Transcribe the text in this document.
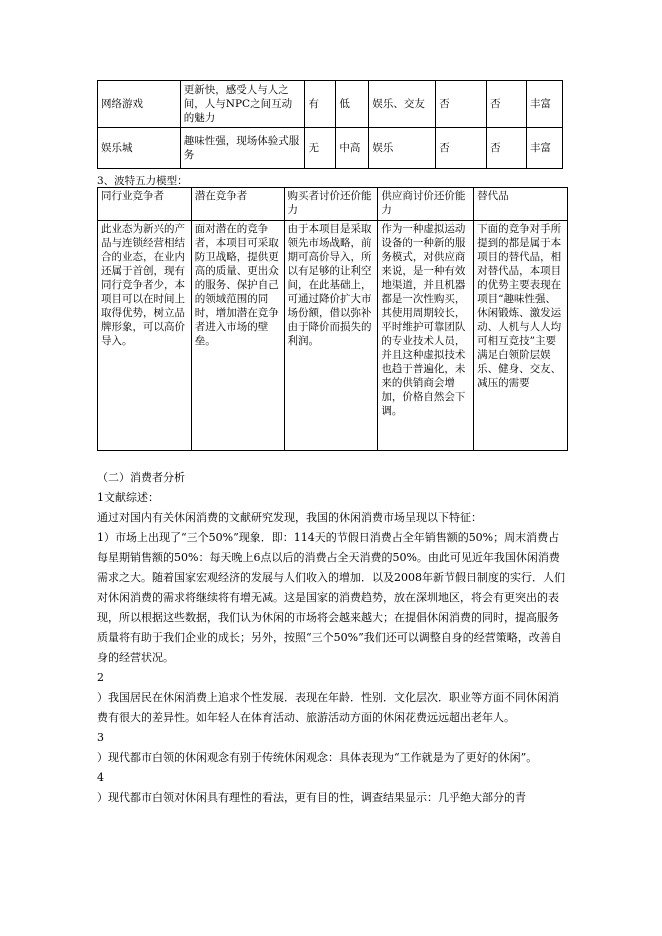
网络游戏	更新快，感受人与人之间，人与NPC之间互动的魅力	有	低	娱乐、交友	否	否	丰富
娱乐城	趣味性强，现场体验式服务	无	中高	娱乐	否	否	丰富
3、波特五力模型：
同行业竞争者	潜在竞争者	购买者讨价还价能力	供应商讨价还价能力	替代品
此业态为新兴的产品与连锁经营相结合的业态，在业内还属于首创，现有同行竞争者少，本项目可以在时间上取得优势，树立品牌形象，可以高价导入。	面对潜在的竞争者，本项目可采取防卫战略，提供更高的质量、更出众的服务、保护自己的领域范围的同时，增加潜在竞争者进入市场的壁垒。	由于本项目是采取领先市场战略，前期可高价导入，所以有足够的让利空间，在此基础上，可通过降价扩大市场份额，借以弥补由于降价而损失的利润。	作为一种虚拟运动设备的一种新的服务模式，对供应商来说，是一种有效地渠道，并且机器都是一次性购买，其使用周期较长，平时维护可靠团队的专业技术人员，并且这种虚拟技术也趋于普遍化，未来的供销商会增加，价格自然会下调。	下面的竞争对手所提到的都是属于本项目的替代品，相对替代品，本项目的优势主要表现在项目“趣味性强、休闲锻炼、激发运动、人机与人人均可相互竞技”主要满足白领阶层娱乐、健身、交友、减压的需要

（二）消费者分析

1文献综述：

通过对国内有关休闲消费的文献研究发现，我国的休闲消费市场呈现以下特征：

1）市场上出现了“三个50%”现象．即：114天的节假日消费占全年销售额的50%；周末消费占每星期销售额的50%：每天晚上6点以后的消费占全天消费的50%。由此可见近年我国休闲消费需求之大。随着国家宏观经济的发展与人们收入的增加．以及2008年新节假日制度的实行．人们对休闲消费的需求将继续将有增无减。这是国家的消费趋势，放在深圳地区，将会有更突出的表现，所以根据这些数据，我们认为休闲的市场将会越来越大；在提倡休闲消费的同时，提高服务质量将有助于我们企业的成长；另外，按照“三个50%”我们还可以调整自身的经营策略，改善自身的经营状况。

2

）我国居民在休闲消费上追求个性发展．表现在年龄．性别．文化层次．职业等方面不同休闲消费有很大的差异性。如年轻人在体育活动、旅游活动方面的休闲花费远远超出老年人。

3

）现代都市白领的休闲观念有别于传统休闲观念：具体表现为“工作就是为了更好的休闲”。

4

）现代都市白领对休闲具有理性的看法，更有目的性，调查结果显示：几乎绝大部分的青
